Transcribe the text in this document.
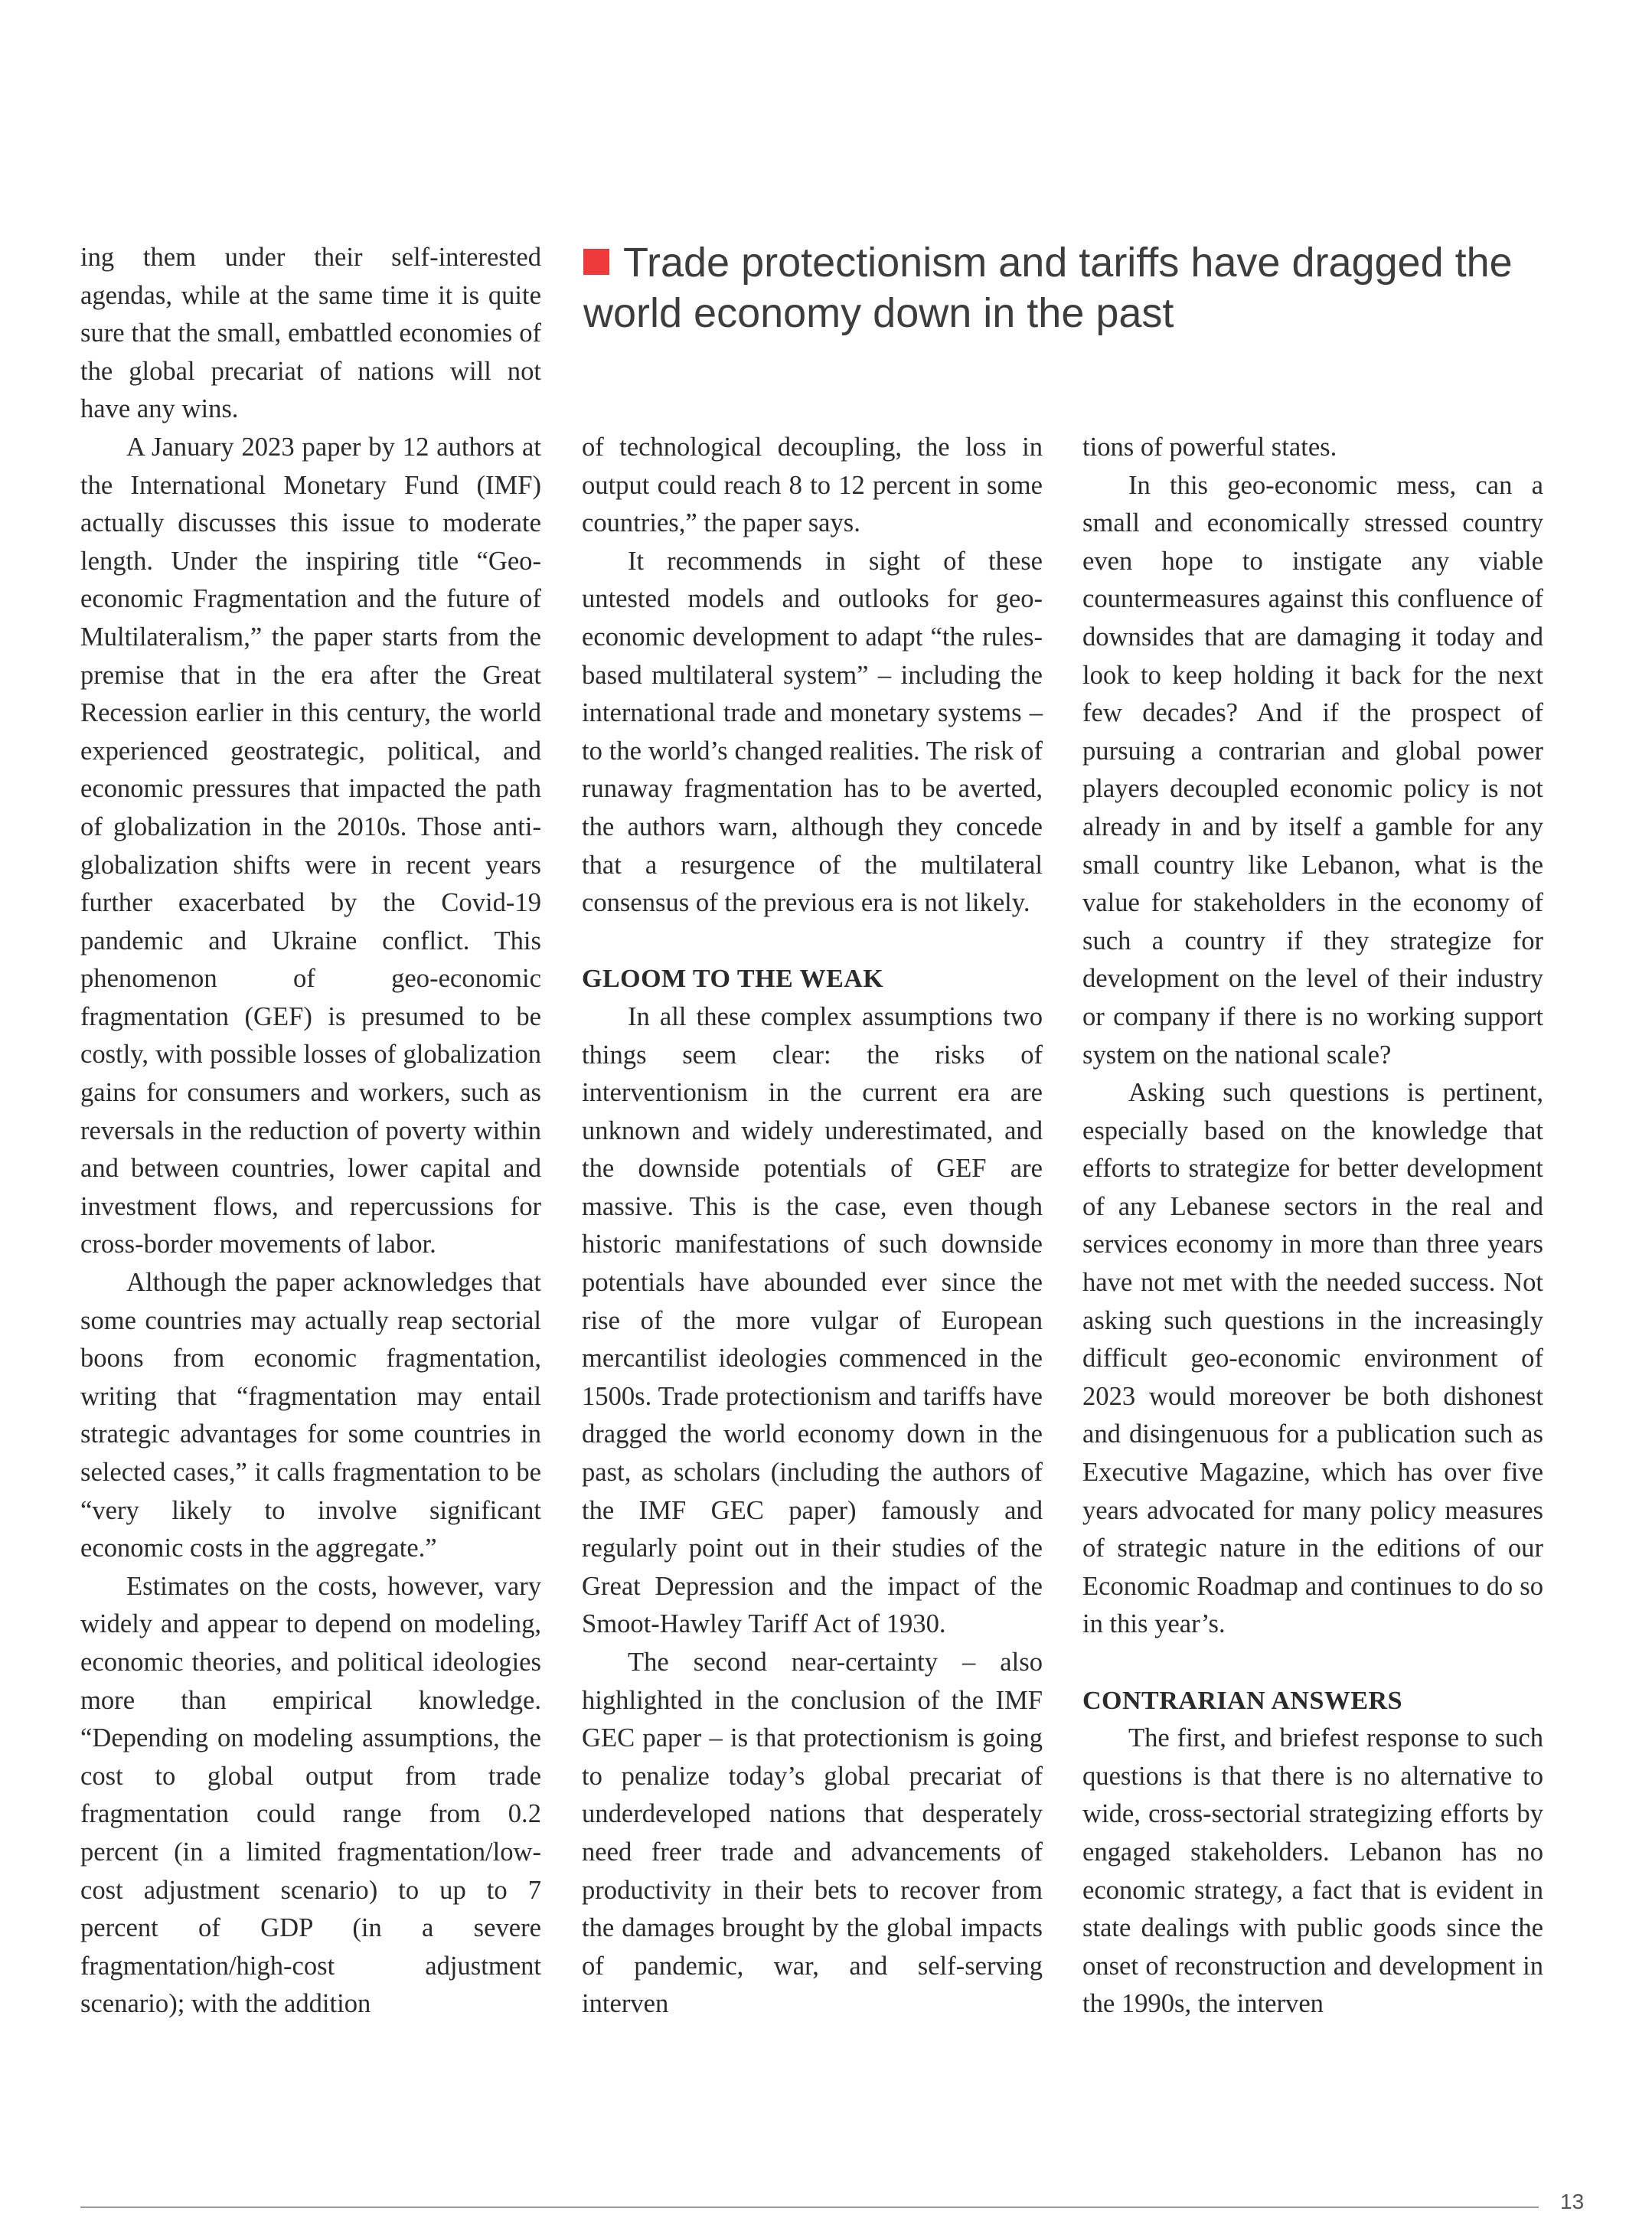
Trade protectionism and tariffs have dragged the world economy down in the past

ing them under their self-interested agendas, while at the same time it is quite sure that the small, embattled economies of the global precariat of nations will not have any wins.

A January 2023 paper by 12 authors at the International Monetary Fund (IMF) actually discusses this issue to moderate length. Under the inspiring title “Geo-economic Fragmentation and the future of Multilateralism,” the paper starts from the premise that in the era after the Great Recession earlier in this century, the world experienced geostrategic, political, and economic pressures that impacted the path of globalization in the 2010s. Those anti-globalization shifts were in recent years further exacerbated by the Covid-19 pandemic and Ukraine conflict. This phenomenon of geo-economic fragmentation (GEF) is presumed to be costly, with possible losses of globalization gains for consumers and workers, such as reversals in the reduction of poverty within and between countries, lower capital and investment flows, and repercussions for cross-border movements of labor.

Although the paper acknowledges that some countries may actually reap sectorial boons from economic fragmentation, writing that “fragmentation may entail strategic advantages for some countries in selected cases,” it calls fragmentation to be “very likely to involve significant economic costs in the aggregate.”

Estimates on the costs, however, vary widely and appear to depend on modeling, economic theories, and political ideologies more than empirical knowledge. “Depending on modeling assumptions, the cost to global output from trade fragmentation could range from 0.2 percent (in a limited fragmentation/low-cost adjustment scenario) to up to 7 percent of GDP (in a severe fragmentation/high-cost adjustment scenario); with the addition

of technological decoupling, the loss in output could reach 8 to 12 percent in some countries,” the paper says.

It recommends in sight of these untested models and outlooks for geo-economic development to adapt “the rules-based multilateral system” – including the international trade and monetary systems – to the world’s changed realities. The risk of runaway fragmentation has to be averted, the authors warn, although they concede that a resurgence of the multilateral consensus of the previous era is not likely.

GLOOM TO THE WEAK

In all these complex assumptions two things seem clear: the risks of interventionism in the current era are unknown and widely underestimated, and the downside potentials of GEF are massive. This is the case, even though historic manifestations of such downside potentials have abounded ever since the rise of the more vulgar of European mercantilist ideologies commenced in the 1500s. Trade protectionism and tariffs have dragged the world economy down in the past, as scholars (including the authors of the IMF GEC paper) famously and regularly point out in their studies of the Great Depression and the impact of the Smoot-Hawley Tariff Act of 1930.

The second near-certainty – also highlighted in the conclusion of the IMF GEC paper – is that protectionism is going to penalize today’s global precariat of underdeveloped nations that desperately need freer trade and advancements of productivity in their bets to recover from the damages brought by the global impacts of pandemic, war, and self-serving interven

tions of powerful states.

In this geo-economic mess, can a small and economically stressed country even hope to instigate any viable countermeasures against this confluence of downsides that are damaging it today and look to keep holding it back for the next few decades? And if the prospect of pursuing a contrarian and global power players decoupled economic policy is not already in and by itself a gamble for any small country like Lebanon, what is the value for stakeholders in the economy of such a country if they strategize for development on the level of their industry or company if there is no working support system on the national scale?

Asking such questions is pertinent, especially based on the knowledge that efforts to strategize for better development of any Lebanese sectors in the real and services economy in more than three years have not met with the needed success. Not asking such questions in the increasingly difficult geo-economic environment of 2023 would moreover be both dishonest and disingenuous for a publication such as Executive Magazine, which has over five years advocated for many policy measures of strategic nature in the editions of our Economic Roadmap and continues to do so in this year’s.

CONTRARIAN ANSWERS

The first, and briefest response to such questions is that there is no alternative to wide, cross-sectorial strategizing efforts by engaged stakeholders. Lebanon has no economic strategy, a fact that is evident in state dealings with public goods since the onset of reconstruction and development in the 1990s, the interven

13
